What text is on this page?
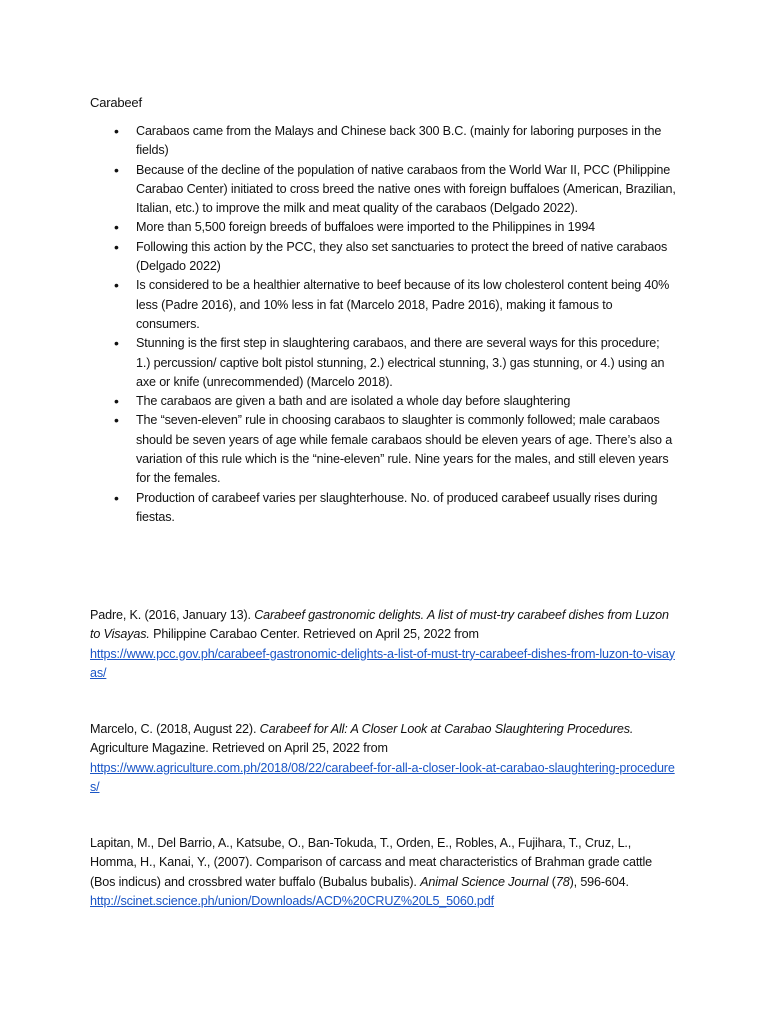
Carabeef
• Carabaos came from the Malays and Chinese back 300 B.C. (mainly for laboring purposes in the fields)
• Because of the decline of the population of native carabaos from the World War II, PCC (Philippine Carabao Center) initiated to cross breed the native ones with foreign buffaloes (American, Brazilian, Italian, etc.) to improve the milk and meat quality of the carabaos (Delgado 2022).
• More than 5,500 foreign breeds of buffaloes were imported to the Philippines in 1994
• Following this action by the PCC, they also set sanctuaries to protect the breed of native carabaos (Delgado 2022)
• Is considered to be a healthier alternative to beef because of its low cholesterol content being 40% less (Padre 2016), and 10% less in fat (Marcelo 2018, Padre 2016), making it famous to consumers.
• Stunning is the first step in slaughtering carabaos, and there are several ways for this procedure; 1.) percussion/ captive bolt pistol stunning, 2.) electrical stunning, 3.) gas stunning, or 4.) using an axe or knife (unrecommended) (Marcelo 2018).
• The carabaos are given a bath and are isolated a whole day before slaughtering
• The “seven-eleven” rule in choosing carabaos to slaughter is commonly followed; male carabaos should be seven years of age while female carabaos should be eleven years of age. There’s also a variation of this rule which is the “nine-eleven” rule. Nine years for the males, and still eleven years for the females.
• Production of carabeef varies per slaughterhouse. No. of produced carabeef usually rises during fiestas.
Padre, K. (2016, January 13). Carabeef gastronomic delights. A list of must-try carabeef dishes from Luzon to Visayas. Philippine Carabao Center. Retrieved on April 25, 2022 from
https://www.pcc.gov.ph/carabeef-gastronomic-delights-a-list-of-must-try-carabeef-dishes-from-luzon-to-visayas/
Marcelo, C. (2018, August 22). Carabeef for All: A Closer Look at Carabao Slaughtering Procedures. Agriculture Magazine. Retrieved on April 25, 2022 from
https://www.agriculture.com.ph/2018/08/22/carabeef-for-all-a-closer-look-at-carabao-slaughtering-procedures/
Lapitan, M., Del Barrio, A., Katsube, O., Ban-Tokuda, T., Orden, E., Robles, A., Fujihara, T., Cruz, L., Homma, H., Kanai, Y., (2007). Comparison of carcass and meat characteristics of Brahman grade cattle (Bos indicus) and crossbred water buffalo (Bubalus bubalis). Animal Science Journal (78), 596-604.
http://scinet.science.ph/union/Downloads/ACD%20CRUZ%20L5_5060.pdf
